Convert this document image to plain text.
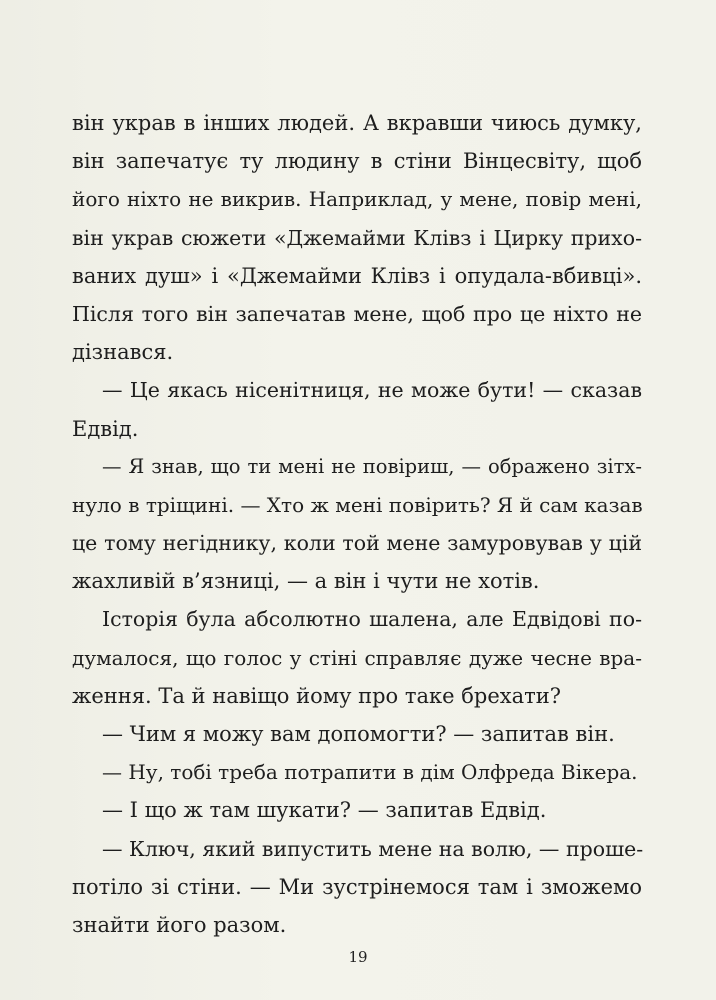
він украв в інших людей. А вкравши чиюсь думку,
він запечатує ту людину в стіни Вінцесвіту, щоб
його ніхто не викрив. Наприклад, у мене, повір мені,
він украв сюжети «Джемайми Клівз і Цирку прихо-
ваних душ» і «Джемайми Клівз і опудала-вбивці».
Після того він запечатав мене, щоб про це ніхто не
дізнався.
— Це якась нісенітниця, не може бути! — сказав
Едвід.
— Я знав, що ти мені не повіриш, — ображено зітх-
нуло в тріщині. — Хто ж мені повірить? Я й сам казав
це тому негіднику, коли той мене замуровував у цій
жахливій в’язниці, — а він і чути не хотів.
Історія була абсолютно шалена, але Едвідові по-
думалося, що голос у стіні справляє дуже чесне вра-
ження. Та й навіщо йому про таке брехати?
— Чим я можу вам допомогти? — запитав він.
— Ну, тобі треба потрапити в дім Олфреда Вікера.
— І що ж там шукати? — запитав Едвід.
— Ключ, який випустить мене на волю, — проше-
потіло зі стіни. — Ми зустрінемося там і зможемо
знайти його разом.
19
